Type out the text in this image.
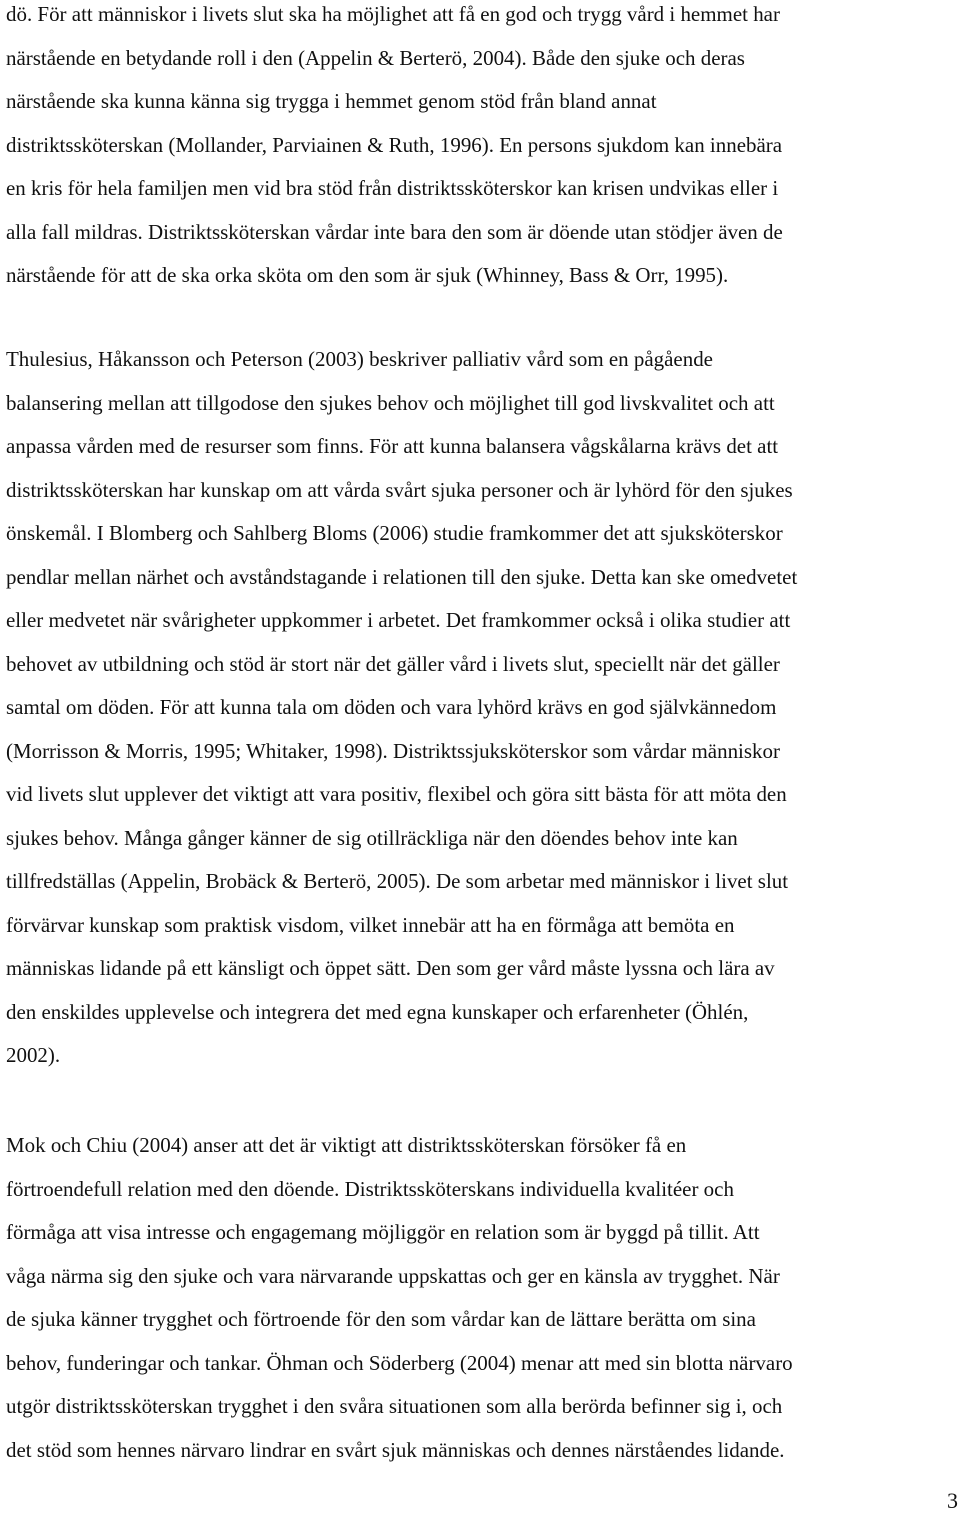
dö. För att människor i livets slut ska ha möjlighet att få en god och trygg vård i hemmet har
närstående en betydande roll i den (Appelin & Berterö, 2004). Både den sjuke och deras
närstående ska kunna känna sig trygga i hemmet genom stöd från bland annat
distriktssköterskan (Mollander, Parviainen & Ruth, 1996). En persons sjukdom kan innebära
en kris för hela familjen men vid bra stöd från distriktssköterskor kan krisen undvikas eller i
alla fall mildras. Distriktssköterskan vårdar inte bara den som är döende utan stödjer även de
närstående för att de ska orka sköta om den som är sjuk (Whinney, Bass & Orr, 1995).
Thulesius, Håkansson och Peterson (2003) beskriver palliativ vård som en pågående
balansering mellan att tillgodose den sjukes behov och möjlighet till god livskvalitet och att
anpassa vården med de resurser som finns. För att kunna balansera vågskålarna krävs det att
distriktssköterskan har kunskap om att vårda svårt sjuka personer och är lyhörd för den sjukes
önskemål. I Blomberg och Sahlberg Bloms (2006) studie framkommer det att sjuksköterskor
pendlar mellan närhet och avståndstagande i relationen till den sjuke. Detta kan ske omedvetet
eller medvetet när svårigheter uppkommer i arbetet. Det framkommer också i olika studier att
behovet av utbildning och stöd är stort när det gäller vård i livets slut, speciellt när det gäller
samtal om döden. För att kunna tala om döden och vara lyhörd krävs en god självkännedom
(Morrisson & Morris, 1995; Whitaker, 1998). Distriktssjuksköterskor som vårdar människor
vid livets slut upplever det viktigt att vara positiv, flexibel och göra sitt bästa för att möta den
sjukes behov. Många gånger känner de sig otillräckliga när den döendes behov inte kan
tillfredställas (Appelin, Brobäck & Berterö, 2005). De som arbetar med människor i livet slut
förvärvar kunskap som praktisk visdom, vilket innebär att ha en förmåga att bemöta en
människas lidande på ett känsligt och öppet sätt. Den som ger vård måste lyssna och lära av
den enskildes upplevelse och integrera det med egna kunskaper och erfarenheter (Öhlén,
2002).
Mok och Chiu (2004) anser att det är viktigt att distriktssköterskan försöker få en
förtroendefull relation med den döende. Distriktssköterskans individuella kvalitéer och
förmåga att visa intresse och engagemang möjliggör en relation som är byggd på tillit. Att
våga närma sig den sjuke och vara närvarande uppskattas och ger en känsla av trygghet. När
de sjuka känner trygghet och förtroende för den som vårdar kan de lättare berätta om sina
behov, funderingar och tankar. Öhman och Söderberg (2004) menar att med sin blotta närvaro
utgör distriktssköterskan trygghet i den svåra situationen som alla berörda befinner sig i, och
det stöd som hennes närvaro lindrar en svårt sjuk människas och dennes närståendes lidande.
3
